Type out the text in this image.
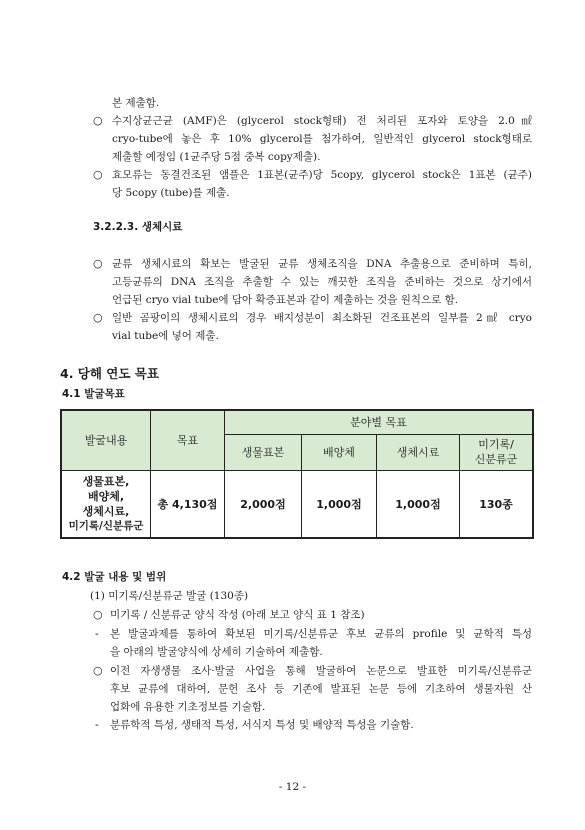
본 제출함.
○ 수지상균근균 (AMF)은 (glycerol stock형태) 전 처리된 포자와 토양을 2.0㎖
cryo-tube에 놓은 후 10% glycerol를 첨가하여, 일반적인 glycerol stock형태로
제출할 예정임 (1균주당 5점 중복 copy제출).
○ 효모류는 동결건조된 앰플은 1표본(균주)당 5copy, glycerol stock은 1표본 (균주)
당 5copy (tube)를 제출.
3.2.2.3. 생체시료
○ 균류 생체시료의 확보는 발굴된 균류 생체조직을 DNA 추출용으로 준비하며 특히,
고등균류의 DNA 조직을 추출할 수 있는 깨끗한 조직을 준비하는 것으로 상기에서
언급된 cryo vial tube에 담아 확증표본과 같이 제출하는 것을 원칙으로 함.
○ 일반 곰팡이의 생체시료의 경우 배지성분이 최소화된 건조표본의 일부를 2㎖ cryo
vial tube에 넣어 제출.
4. 당해 연도 목표
4.1 발굴목표
발굴내용	목표	분야별 목표			
		생물표본	배양체	생체시료	미기록/
신분류군

생물표본,
배양체,
생체시료,
미기록/신분류군	총 4,130점	2,000점	1,000점	1,000점	130종
4.2 발굴 내용 및 범위
(1) 미기록/신분류군 발굴 (130종)
○ 미기록 / 신분류군 양식 작성 (아래 보고 양식 표 1 참조)
- 본 발굴과제를 통하여 확보된 미기록/신분류군 후보 균류의 profile 및 균학적 특성
을 아래의 발굴양식에 상세히 기술하여 제출함.
○ 이전 자생생물 조사·발굴 사업을 통해 발굴하여 논문으로 발표한 미기록/신분류군
후보 균류에 대하여, 문헌 조사 등 기존에 발표된 논문 등에 기초하여 생물자원 산
업화에 유용한 기초정보를 기술함.
- 분류학적 특성, 생태적 특성, 서식지 특성 및 배양적 특성을 기술함.
- 12 -
